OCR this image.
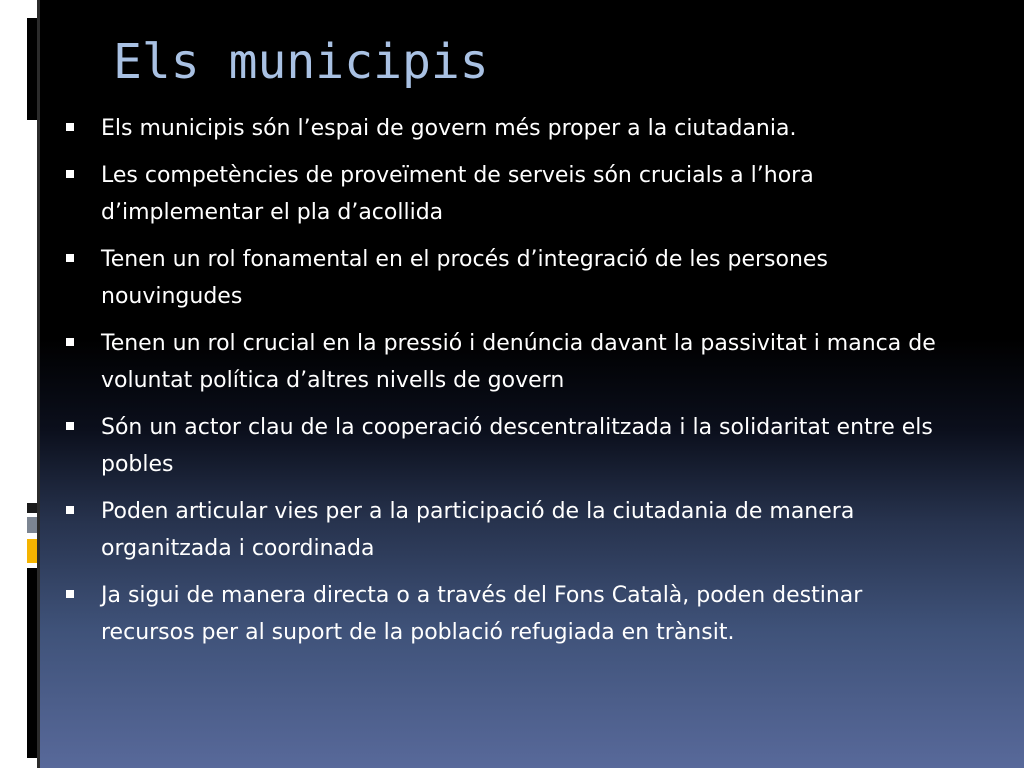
Els municipis
Els municipis són l’espai de govern més proper a la ciutadania.
Les competències de proveïment de serveis són crucials a l’hora d’implementar el pla d’acollida
Tenen un rol fonamental en el procés d’integració de les persones nouvingudes
Tenen un rol crucial en la pressió i denúncia davant la passivitat i manca de voluntat política d’altres nivells de govern
Són un actor clau de la cooperació descentralitzada i la solidaritat entre els pobles
Poden articular vies per a la participació de la ciutadania de manera organitzada i coordinada
Ja sigui de manera directa o a través del Fons Català, poden destinar recursos per al suport de la població refugiada en trànsit.
